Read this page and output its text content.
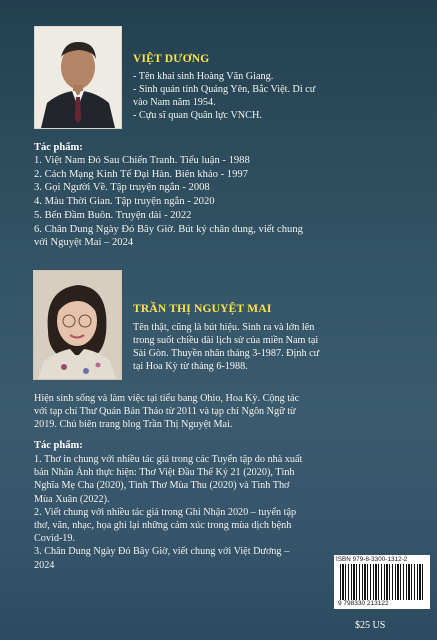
VIỆT DƯƠNG
- Tên khai sinh Hoàng Văn Giang.
- Sinh quán tỉnh Quảng Yên, Bắc Việt. Di cư
vào Nam năm 1954.
- Cựu sĩ quan Quân lực VNCH.
Tác phẩm:
1. Việt Nam Đó Sau Chiến Tranh. Tiểu luận - 1988
2. Cách Mạng Kinh Tế Đại Hàn. Biên khảo - 1997
3. Gọi Người Về. Tập truyện ngắn - 2008
4. Màu Thời Gian. Tập truyện ngắn - 2020
5. Bến Đầm Buôn. Truyện dài - 2022
6. Chân Dung Ngày Đó Bây Giờ. Bút ký chân dung, viết chung
với Nguyệt Mai – 2024
TRẦN THỊ NGUYỆT MAI
Tên thật, cũng là bút hiệu. Sinh ra và lớn lên
trong suốt chiều dài lịch sử của miền Nam tại
Sài Gòn. Thuyền nhân tháng 3-1987. Định cư
tại Hoa Kỳ từ tháng 6-1988.
Hiện sinh sống và làm việc tại tiểu bang Ohio, Hoa Kỳ. Cộng tác
với tạp chí Thư Quán Bản Thảo từ 2011 và tạp chí Ngôn Ngữ từ
2019. Chủ biên trang blog Trần Thị Nguyệt Mai.
Tác phẩm:
1. Thơ in chung với nhiều tác giả trong các Tuyển tập do nhà xuất
bản Nhân Ảnh thực hiện: Thơ Việt Đầu Thế Kỷ 21 (2020), Tình
Nghĩa Mẹ Cha (2020), Tình Thơ Mùa Thu (2020) và Tình Thơ
Mùa Xuân (2022).
2. Viết chung với nhiều tác giả trong Ghi Nhận 2020 – tuyển tập
thơ, văn, nhạc, họa ghi lại những cảm xúc trong mùa dịch bệnh
Covid-19.
3. Chân Dung Ngày Đó Bây Giờ, viết chung với Việt Dương –
2024
ISBN 979-8-3300-1312-2
9 798330 213122
$25 US
